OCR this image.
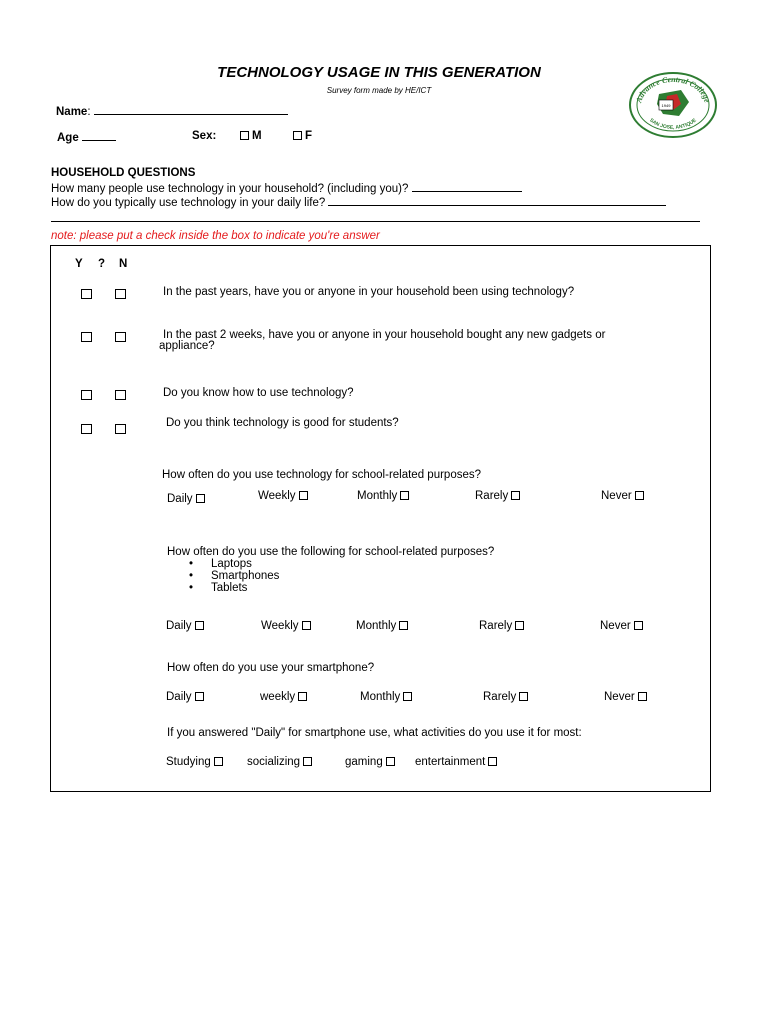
TECHNOLOGY USAGE IN THIS GENERATION
Survey form made by HE/ICT
Advance Central College
SAN JOSE, ANTIQUE
1949
Name:
Age	Sex:	M	F
HOUSEHOLD QUESTIONS
How many people use technology in your household? (including you)?
How do you typically use technology in your daily life?
note: please put a check inside the box to indicate you're answer
Y ? N
In the past years, have you or anyone in your household been using technology?
In the past 2 weeks, have you or anyone in your household bought any new gadgets or
appliance?
Do you know how to use technology?
Do you think technology is good for students?
How often do you use technology for school-related purposes?
Daily	Weekly	Monthly	Rarely	Never
How often do you use the following for school-related purposes?
• Laptops
• Smartphones
• Tablets
Daily	Weekly	Monthly	Rarely	Never
How often do you use your smartphone?
Daily	weekly	Monthly	Rarely	Never
If you answered "Daily" for smartphone use, what activities do you use it for most:
Studying	socializing	gaming	entertainment
